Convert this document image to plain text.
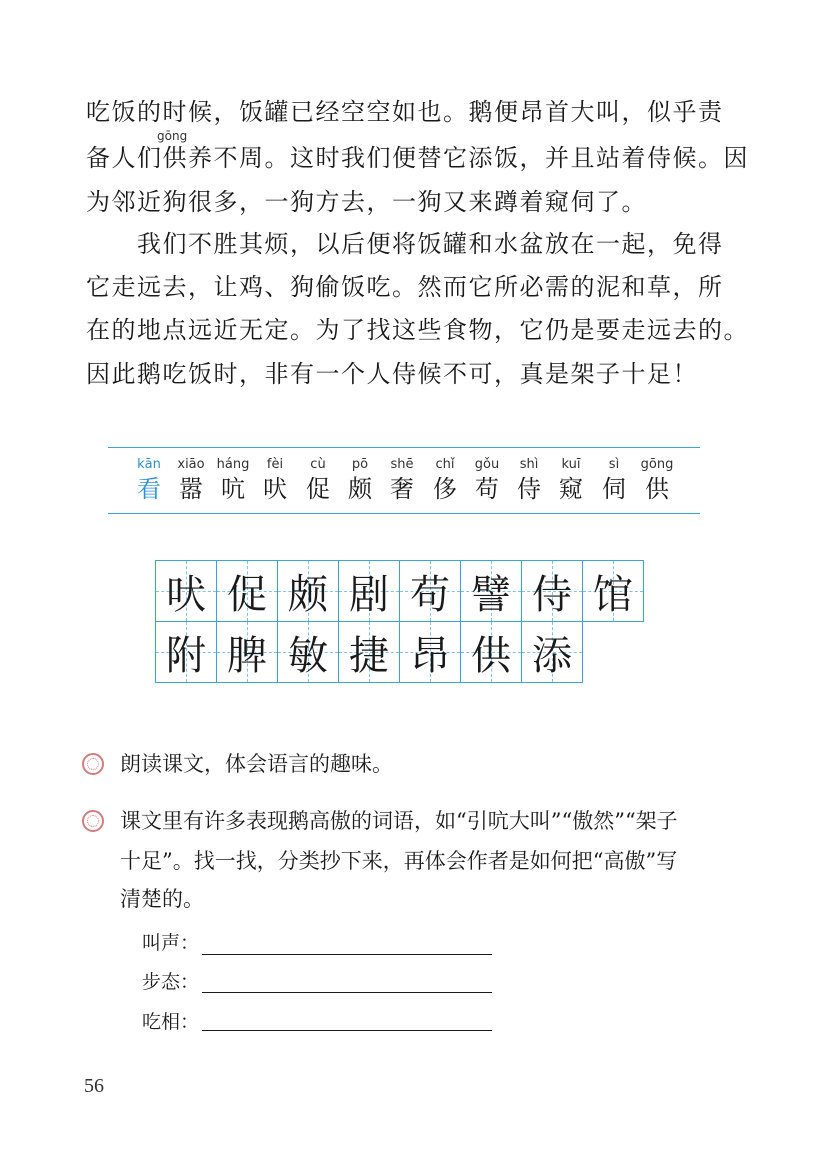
吃饭的时候，饭罐已经空空如也。鹅便昂首大叫，似乎责
gōng
备人们供养不周。这时我们便替它添饭，并且站着侍候。因
为邻近狗很多，一狗方去，一狗又来蹲着窥伺了。
　　我们不胜其烦，以后便将饭罐和水盆放在一起，免得
它走远去，让鸡、狗偷饭吃。然而它所必需的泥和草，所
在的地点远近无定。为了找这些食物，它仍是要走远去的。
因此鹅吃饭时，非有一个人侍候不可，真是架子十足！
kān
看
xiāo
嚣
háng
吭
fèi
吠
cù
促
pō
颇
shē
奢
chǐ
侈
gǒu
苟
shì
侍
kuī
窥
sì
伺
gōng
供
吠 促 颇 剧 苟 譬 侍 馆
附 脾 敏 捷 昂 供 添
朗读课文，体会语言的趣味。
课文里有许多表现鹅高傲的词语，如“引吭大叫”“傲然”“架子
十足”。找一找，分类抄下来，再体会作者是如何把“高傲”写
清楚的。
叫声：
步态：
吃相：
56
